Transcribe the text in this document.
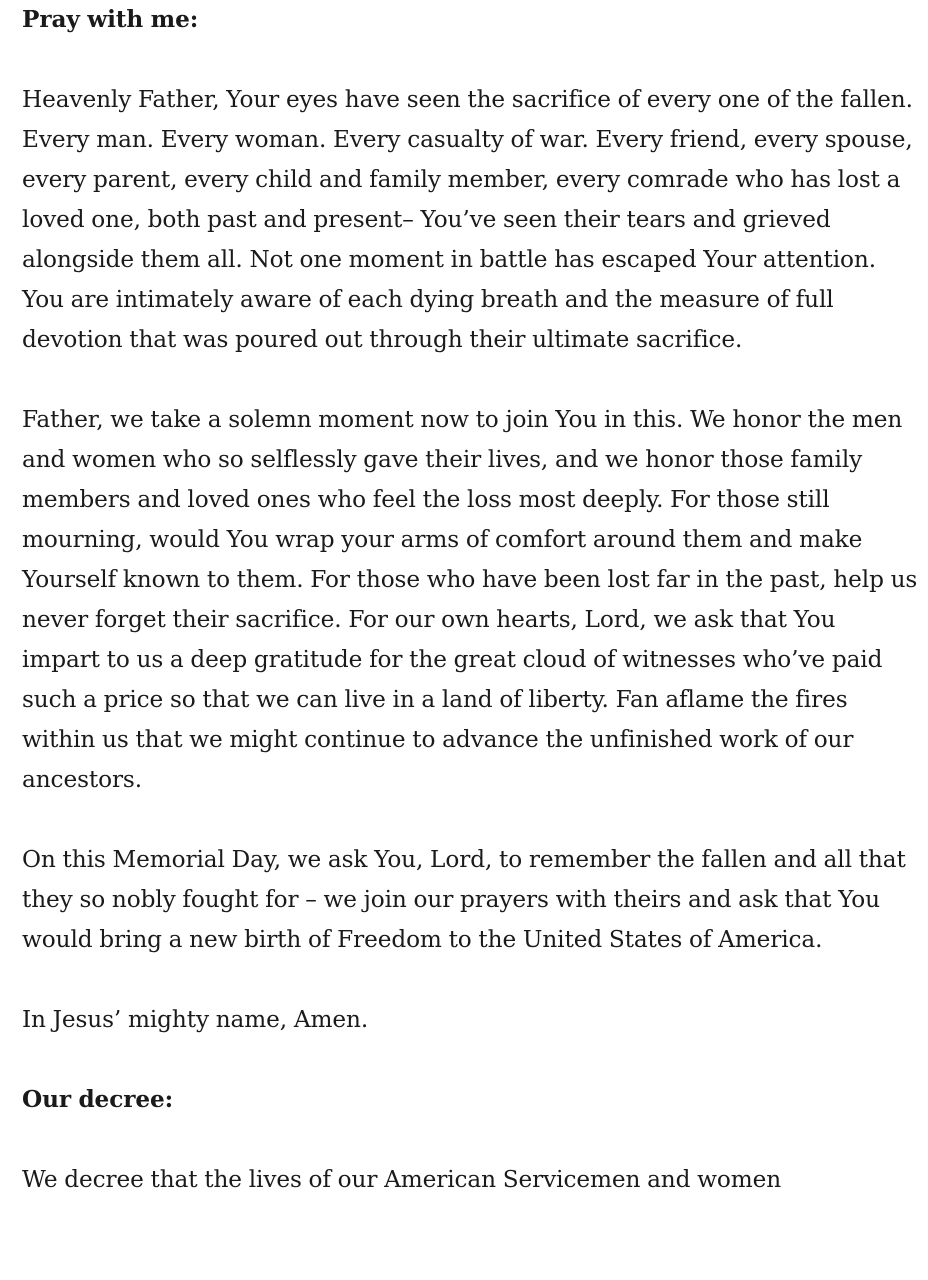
Pray with me:

Heavenly Father, Your eyes have seen the sacrifice of every one of the fallen. Every man. Every woman. Every casualty of war. Every friend, every spouse, every parent, every child and family member, every comrade who has lost a loved one, both past and present– You’ve seen their tears and grieved alongside them all. Not one moment in battle has escaped Your attention. You are intimately aware of each dying breath and the measure of full devotion that was poured out through their ultimate sacrifice.

Father, we take a solemn moment now to join You in this. We honor the men and women who so selflessly gave their lives, and we honor those family members and loved ones who feel the loss most deeply. For those still mourning, would You wrap your arms of comfort around them and make Yourself known to them. For those who have been lost far in the past, help us never forget their sacrifice. For our own hearts, Lord, we ask that You impart to us a deep gratitude for the great cloud of witnesses who’ve paid such a price so that we can live in a land of liberty. Fan aflame the fires within us that we might continue to advance the unfinished work of our ancestors.

On this Memorial Day, we ask You, Lord, to remember the fallen and all that they so nobly fought for – we join our prayers with theirs and ask that You would bring a new birth of Freedom to the United States of America.

In Jesus’ mighty name, Amen.

Our decree:

We decree that the lives of our American Servicemen and women
